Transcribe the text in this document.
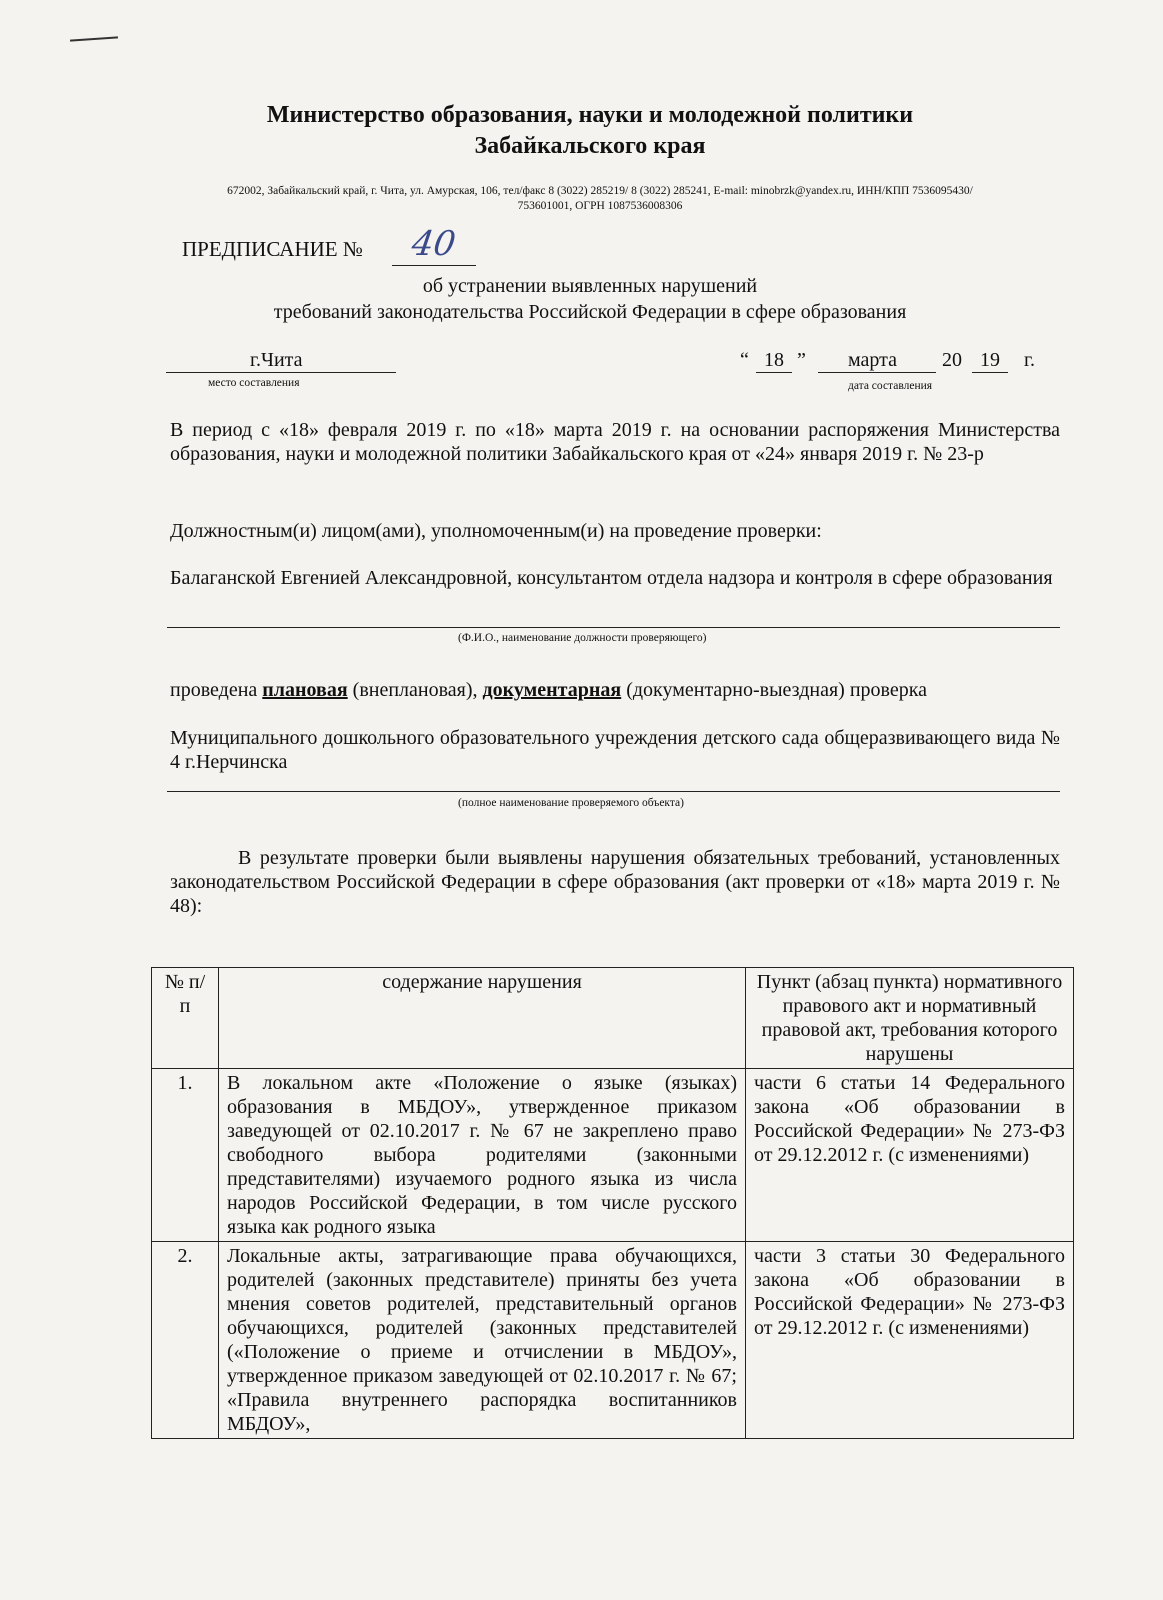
Министерство образования, науки и молодежной политики
Забайкальского края
672002, Забайкальский край, г. Чита, ул. Амурская, 106, тел/факс 8 (3022) 285219/ 8 (3022) 285241, E-mail: minobrzk@yandex.ru, ИНН/КПП 7536095430/
753601001, ОГРН 1087536008306
ПРЕДПИСАНИЕ № 40
об устранении выявленных нарушений
требований законодательства Российской Федерации в сфере образования
г.Чита
место составления
“ 18 ” марта 20 19 г.
дата составления
В период с «18» февраля 2019 г. по «18» марта 2019 г. на основании распоряжения Министерства образования, науки и молодежной политики Забайкальского края от «24» января 2019 г. № 23-р
Должностным(и) лицом(ами), уполномоченным(и) на проведение проверки:
Балаганской Евгенией Александровной, консультантом отдела надзора и контроля в сфере образования
(Ф.И.О., наименование должности проверяющего)
проведена плановая (внеплановая), документарная (документарно-выездная) проверка
Муниципального дошкольного образовательного учреждения детского сада общеразвивающего вида № 4 г.Нерчинска
(полное наименование проверяемого объекта)
В результате проверки были выявлены нарушения обязательных требований, установленных законодательством Российской Федерации в сфере образования (акт проверки от «18» марта 2019 г. № 48):
№ п/п	содержание нарушения	Пункт (абзац пункта) нормативного правового акт и нормативный правовой акт, требования которого нарушены
1.	В локальном акте «Положение о языке (языках) образования в МБДОУ», утвержденное приказом заведующей от 02.10.2017 г. № 67 не закреплено право свободного выбора родителями (законными представителями) изучаемого родного языка из числа народов Российской Федерации, в том числе русского языка как родного языка	части 6 статьи 14 Федерального закона «Об образовании в Российской Федерации» № 273-ФЗ от 29.12.2012 г. (с изменениями)
2.	Локальные акты, затрагивающие права обучающихся, родителей (законных представителе) приняты без учета мнения советов родителей, представительный органов обучающихся, родителей (законных представителей («Положение о приеме и отчислении в МБДОУ», утвержденное приказом заведующей от 02.10.2017 г. № 67; «Правила внутреннего распорядка воспитанников МБДОУ»,	части 3 статьи 30 Федерального закона «Об образовании в Российской Федерации» № 273-ФЗ от 29.12.2012 г. (с изменениями)
